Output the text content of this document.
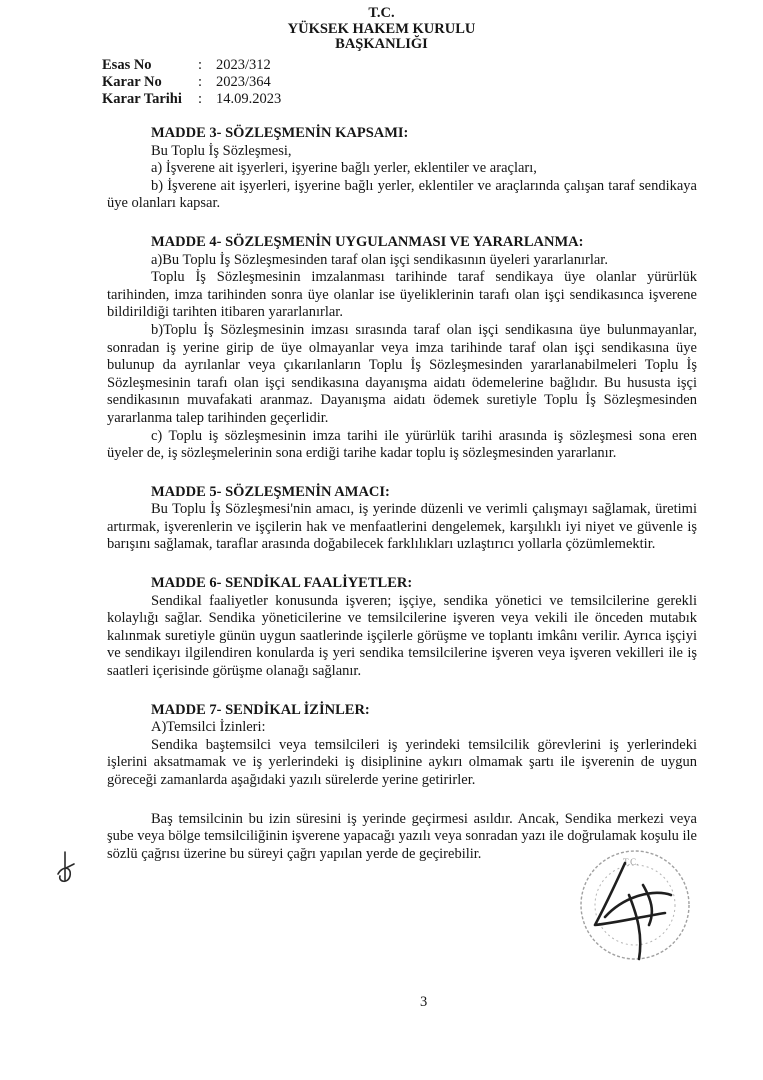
T.C.
YÜKSEK HAKEM KURULU
BAŞKANLIĞI
Esas No	: 2023/312
Karar No	: 2023/364
Karar Tarihi	: 14.09.2023

MADDE 3- SÖZLEŞMENİN KAPSAMI:

Bu Toplu İş Sözleşmesi,

a) İşverene ait işyerleri, işyerine bağlı yerler, eklentiler ve araçları,

b) İşverene ait işyerleri, işyerine bağlı yerler, eklentiler ve araçlarında çalışan taraf sendikaya üye olanları kapsar.

MADDE 4- SÖZLEŞMENİN UYGULANMASI VE YARARLANMA:

a)Bu Toplu İş Sözleşmesinden taraf olan işçi sendikasının üyeleri yararlanırlar.

Toplu İş Sözleşmesinin imzalanması tarihinde taraf sendikaya üye olanlar yürürlük tarihinden, imza tarihinden sonra üye olanlar ise üyeliklerinin tarafı olan işçi sendikasınca işverene bildirildiği tarihten itibaren yararlanırlar.

b)Toplu İş Sözleşmesinin imzası sırasında taraf olan işçi sendikasına üye bulunmayanlar, sonradan iş yerine girip de üye olmayanlar veya imza tarihinde taraf olan işçi sendikasına üye bulunup da ayrılanlar veya çıkarılanların Toplu İş Sözleşmesinden yararlanabilmeleri Toplu İş Sözleşmesinin tarafı olan işçi sendikasına dayanışma aidatı ödemelerine bağlıdır. Bu hususta işçi sendikasının muvafakati aranmaz. Dayanışma aidatı ödemek suretiyle Toplu İş Sözleşmesinden yararlanma talep tarihinden geçerlidir.

c) Toplu iş sözleşmesinin imza tarihi ile yürürlük tarihi arasında iş sözleşmesi sona eren üyeler de, iş sözleşmelerinin sona erdiği tarihe kadar toplu iş sözleşmesinden yararlanır.

MADDE 5- SÖZLEŞMENİN AMACI:

Bu Toplu İş Sözleşmesi'nin amacı, iş yerinde düzenli ve verimli çalışmayı sağlamak, üretimi artırmak, işverenlerin ve işçilerin hak ve menfaatlerini dengelemek, karşılıklı iyi niyet ve güvenle iş barışını sağlamak, taraflar arasında doğabilecek farklılıkları uzlaştırıcı yollarla çözümlemektir.

MADDE 6- SENDİKAL FAALİYETLER:

Sendikal faaliyetler konusunda işveren; işçiye, sendika yönetici ve temsilcilerine gerekli kolaylığı sağlar. Sendika yöneticilerine ve temsilcilerine işveren veya vekili ile önceden mutabık kalınmak suretiyle günün uygun saatlerinde işçilerle görüşme ve toplantı imkânı verilir. Ayrıca işçiyi ve sendikayı ilgilendiren konularda iş yeri sendika temsilcilerine işveren veya işveren vekilleri ile iş saatleri içerisinde görüşme olanağı sağlanır.

MADDE 7- SENDİKAL İZİNLER:

A)Temsilci İzinleri:

Sendika baştemsilci veya temsilcileri iş yerindeki temsilcilik görevlerini iş yerlerindeki işlerini aksatmamak ve iş yerlerindeki iş disiplinine aykırı olmamak şartı ile işverenin de uygun göreceği zamanlarda aşağıdaki yazılı sürelerde yerine getirirler.

Baş temsilcinin bu izin süresini iş yerinde geçirmesi asıldır. Ancak, Sendika merkezi veya şube veya bölge temsilciliğinin işverene yapacağı yazılı veya sonradan yazı ile doğrulamak koşulu ile sözlü çağrısı üzerine bu süreyi çağrı yapılan yerde de geçirebilir.

T.C.
3
